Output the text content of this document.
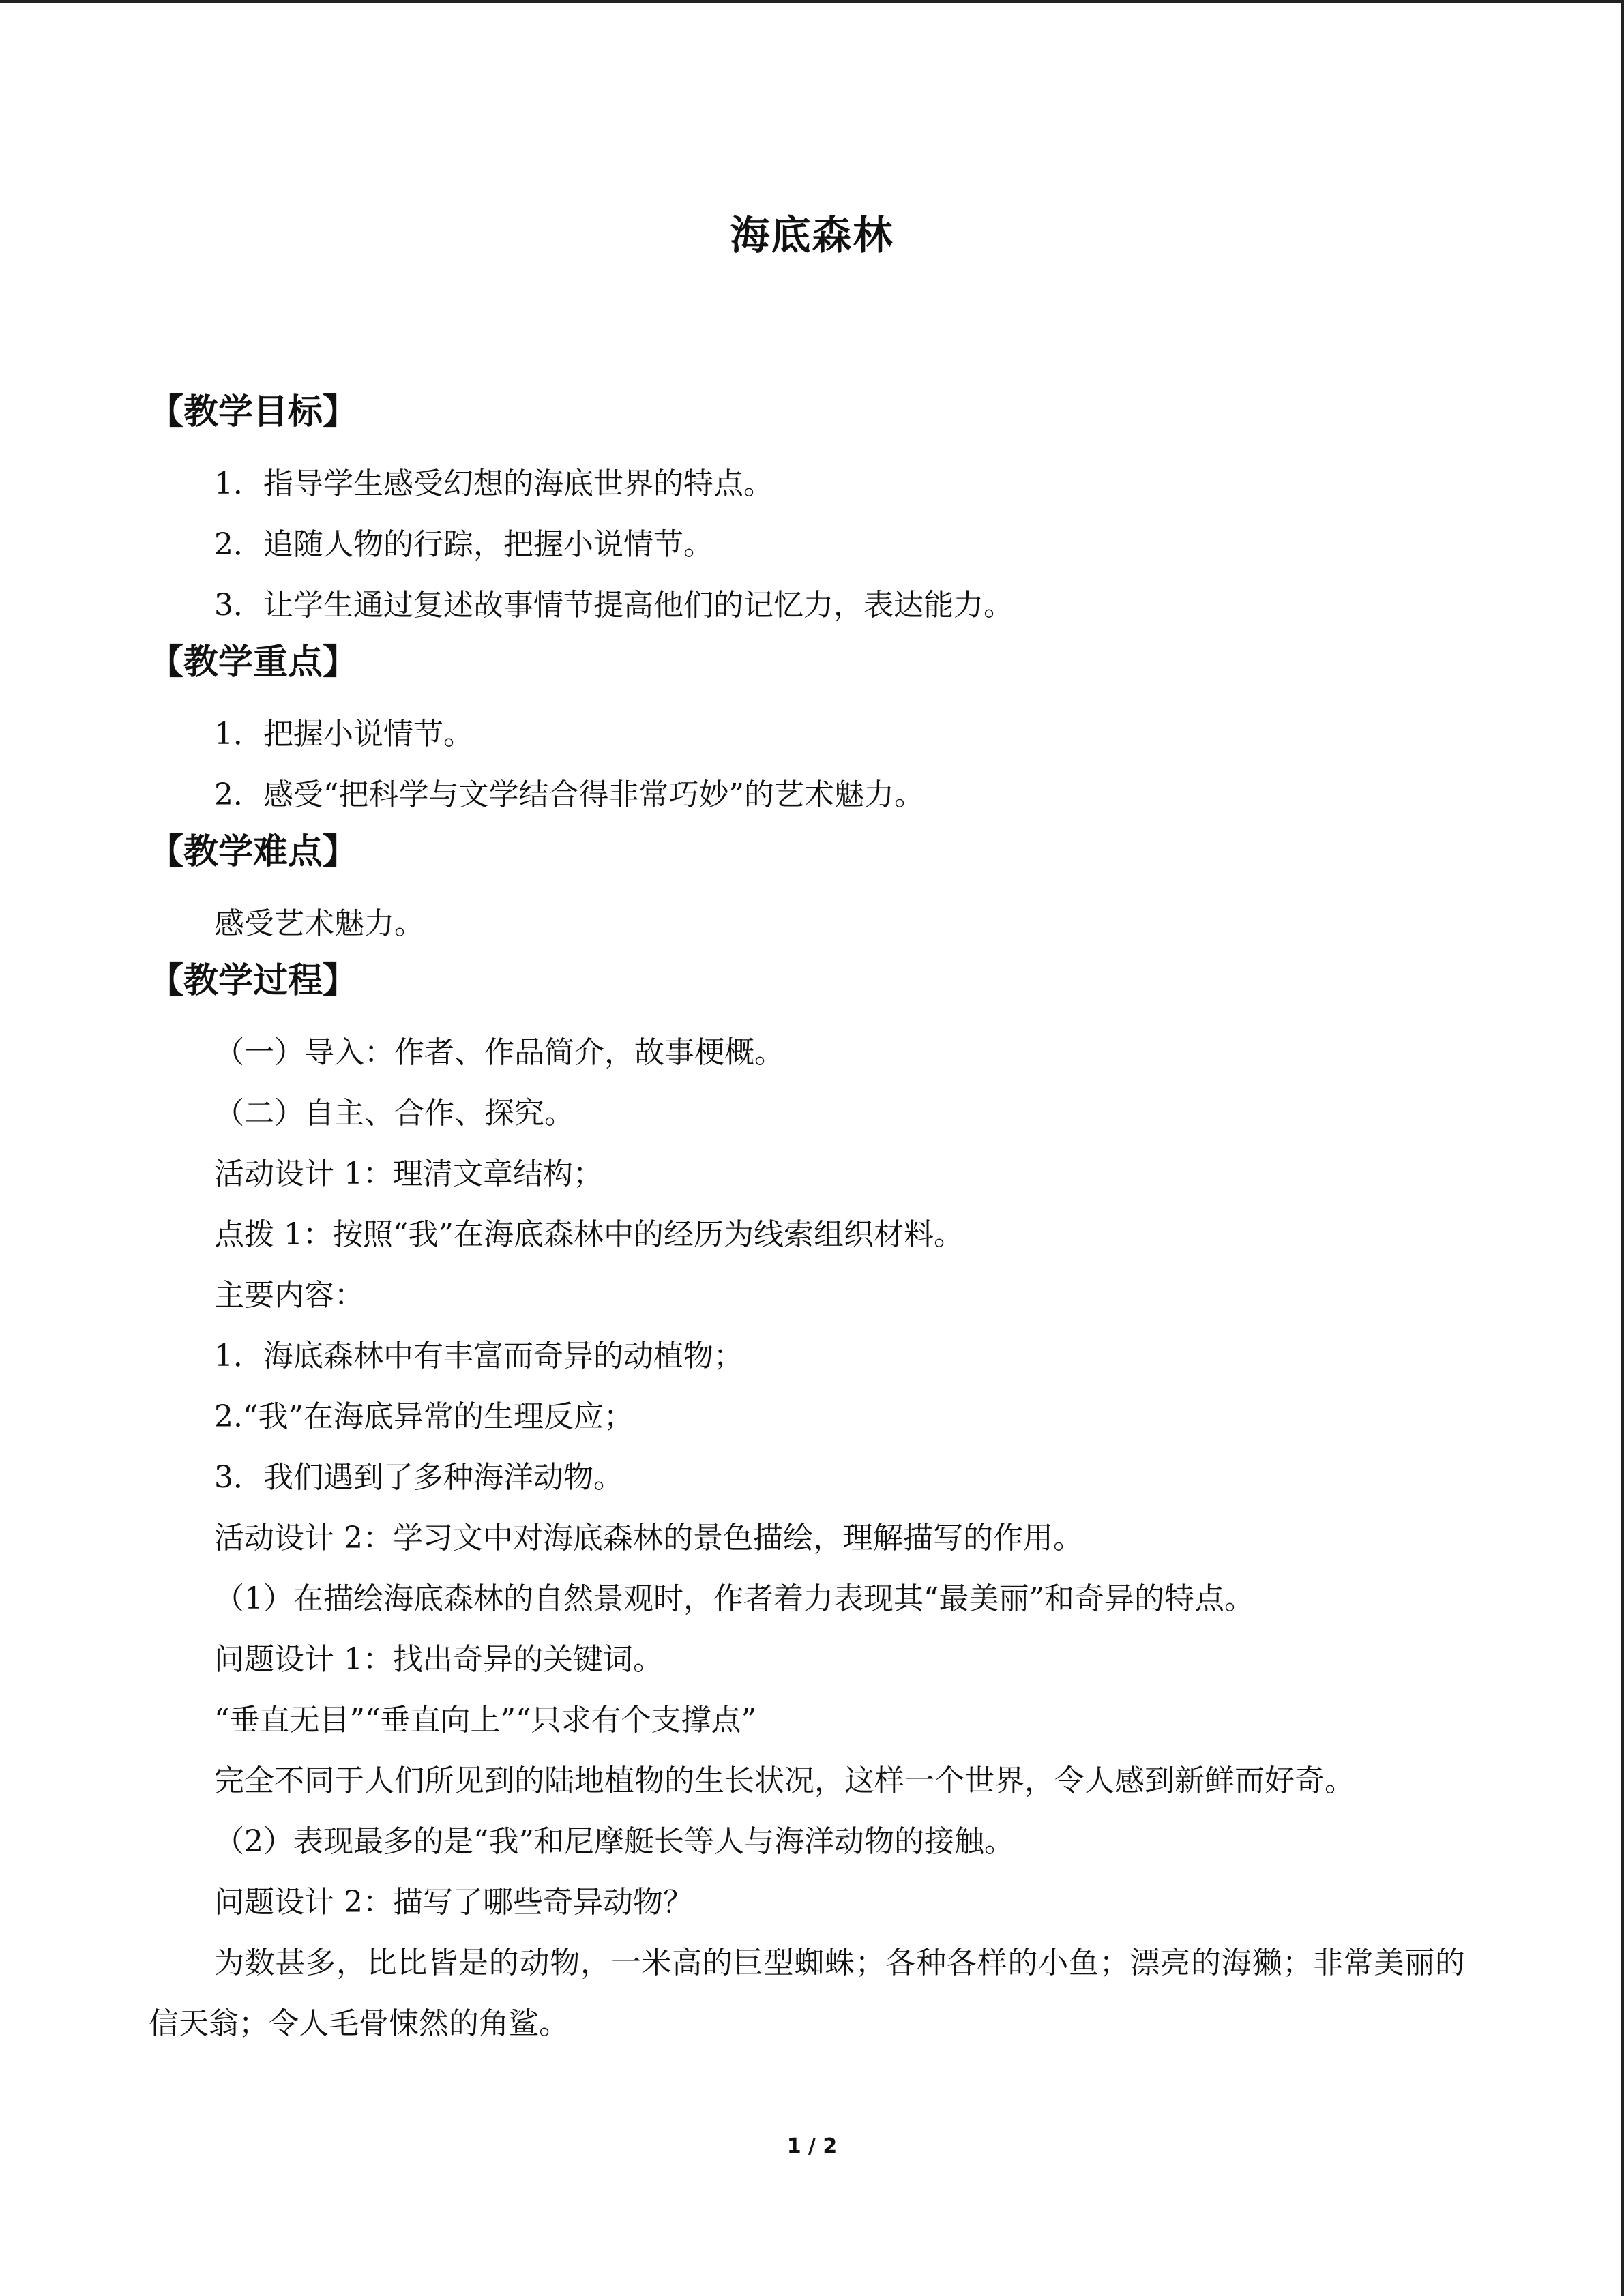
海底森林
【教学目标】
1．指导学生感受幻想的海底世界的特点。
2．追随人物的行踪，把握小说情节。
3．让学生通过复述故事情节提高他们的记忆力，表达能力。
【教学重点】
1．把握小说情节。
2．感受“把科学与文学结合得非常巧妙”的艺术魅力。
【教学难点】
感受艺术魅力。
【教学过程】
（一）导入：作者、作品简介，故事梗概。
（二）自主、合作、探究。
活动设计 1：理清文章结构；
点拨 1：按照“我”在海底森林中的经历为线索组织材料。
主要内容：
1．海底森林中有丰富而奇异的动植物；
2.“我”在海底异常的生理反应；
3．我们遇到了多种海洋动物。
活动设计 2：学习文中对海底森林的景色描绘，理解描写的作用。
（1）在描绘海底森林的自然景观时，作者着力表现其“最美丽”和奇异的特点。
问题设计 1：找出奇异的关键词。
“垂直无目”“垂直向上”“只求有个支撑点”
完全不同于人们所见到的陆地植物的生长状况，这样一个世界，令人感到新鲜而好奇。
（2）表现最多的是“我”和尼摩艇长等人与海洋动物的接触。
问题设计 2：描写了哪些奇异动物？
为数甚多，比比皆是的动物，一米高的巨型蜘蛛；各种各样的小鱼；漂亮的海獭；非常美丽的信天翁；令人毛骨悚然的角鲨。
1 / 2
